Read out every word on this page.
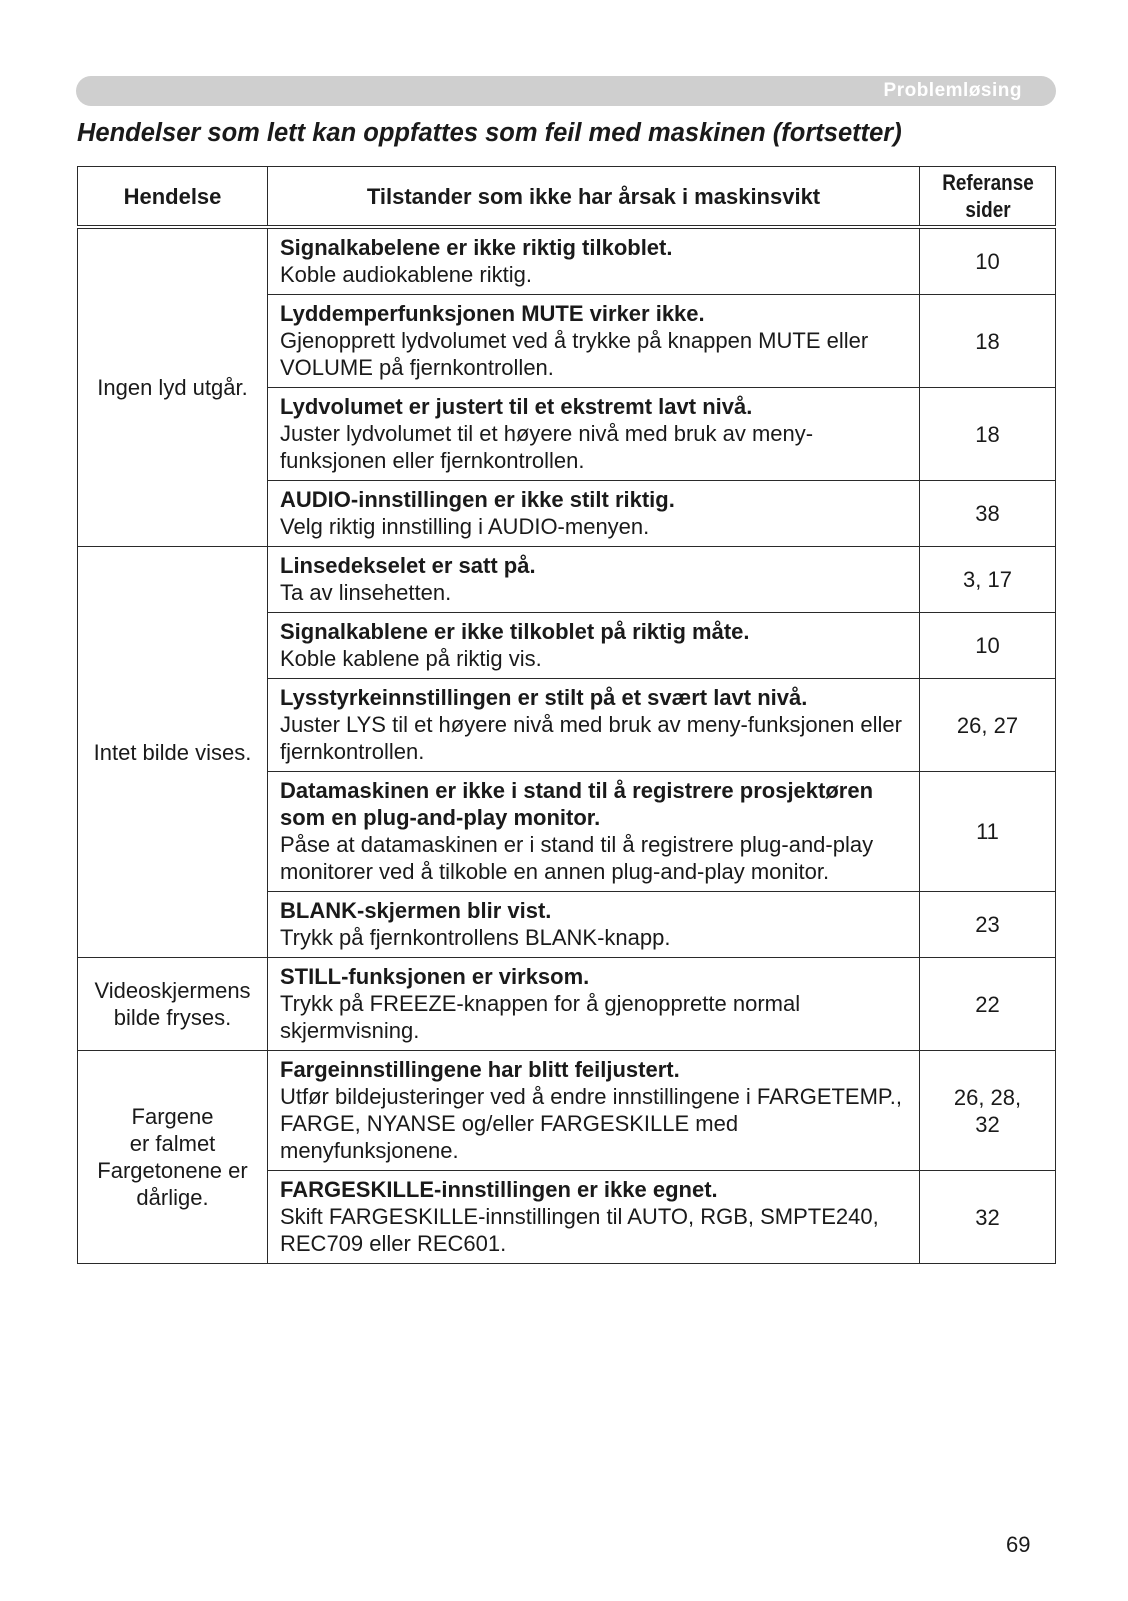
Problemløsing
Hendelser som lett kan oppfattes som feil med maskinen (fortsetter)
Hendelse	Tilstander som ikke har årsak i maskinsvikt	Referanse
sider

Ingen lyd utgår.	Signalkabelene er ikke riktig tilkoblet.
Koble audiokablene riktig.	10

	Lyddemperfunksjonen MUTE virker ikke.
Gjenopprett lydvolumet ved å trykke på knappen MUTE eller VOLUME på fjernkontrollen.	18

	Lydvolumet er justert til et ekstremt lavt nivå.
Juster lydvolumet til et høyere nivå med bruk av meny-funksjonen eller fjernkontrollen.	18

	AUDIO-innstillingen er ikke stilt riktig.
Velg riktig innstilling i AUDIO-menyen.	38

Intet bilde vises.	Linsedekselet er satt på.
Ta av linsehetten.	3, 17

	Signalkablene er ikke tilkoblet på riktig måte.
Koble kablene på riktig vis.	10

	Lysstyrkeinnstillingen er stilt på et svært lavt nivå.
Juster LYS til et høyere nivå med bruk av meny-funksjonen eller fjernkontrollen.	26, 27

	Datamaskinen er ikke i stand til å registrere prosjektøren som en plug-and-play monitor.
Påse at datamaskinen er i stand til å registrere plug-and-play monitorer ved å tilkoble en annen plug-and-play monitor.	11

	BLANK-skjermen blir vist.
Trykk på fjernkontrollens BLANK-knapp.	23

Videoskjermens
bilde fryses.	STILL-funksjonen er virksom.
Trykk på FREEZE-knappen for å gjenopprette normal skjermvisning.	22

Fargene
er falmet
Fargetonene er
dårlige.	Fargeinnstillingene har blitt feiljustert.
Utfør bildejusteringer ved å endre innstillingene i FARGETEMP., FARGE, NYANSE og/eller FARGESKILLE med menyfunksjonene.	26, 28,
32

	FARGESKILLE-innstillingen er ikke egnet.
Skift FARGESKILLE-innstillingen til AUTO, RGB, SMPTE240, REC709 eller REC601.	32
69
